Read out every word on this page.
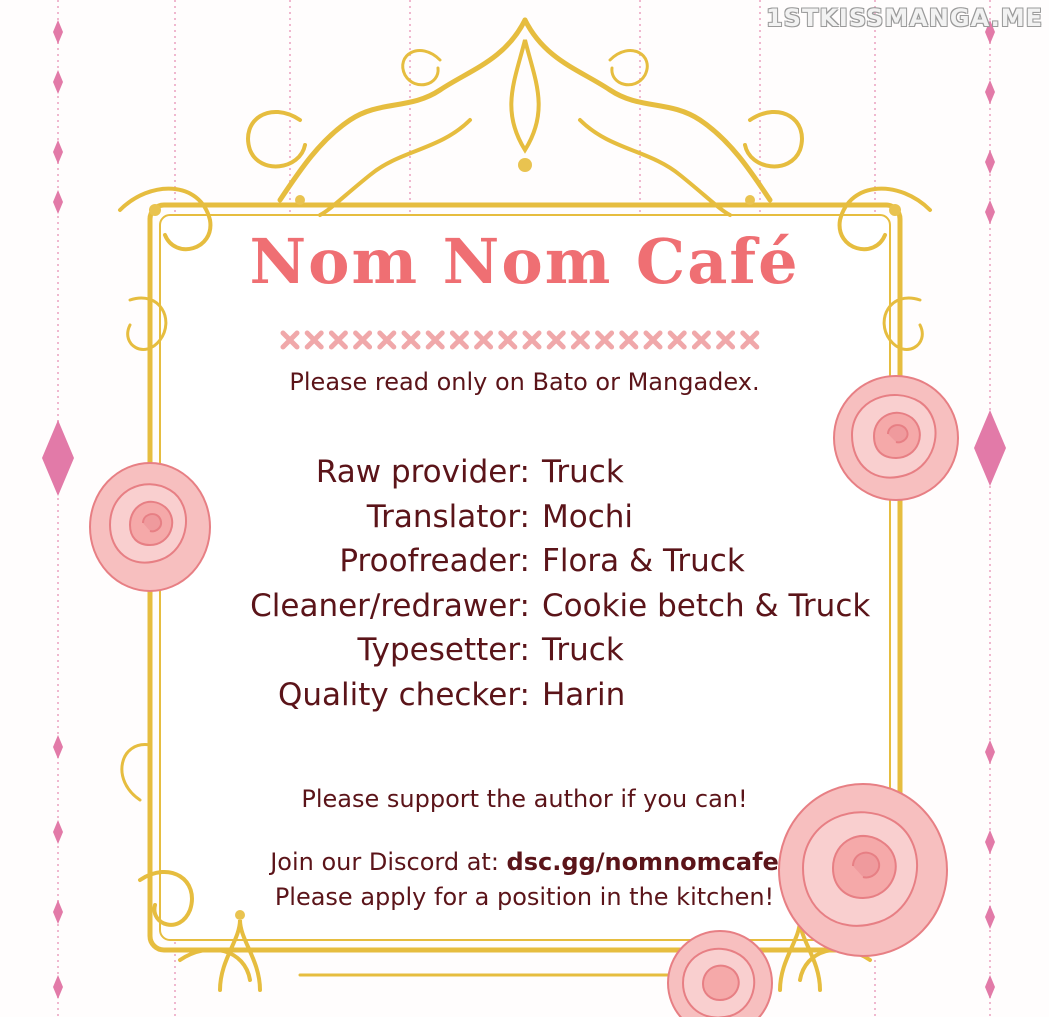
1STKISSMANGA.ME
Nom Nom Café
Please read only on Bato or Mangadex.
Raw provider: Truck
Translator: Mochi
Proofreader: Flora & Truck
Cleaner/redrawer: Cookie betch & Truck
Typesetter: Truck
Quality checker: Harin
Please support the author if you can!
Join our Discord at: dsc.gg/nomnomcafe
Please apply for a position in the kitchen!
